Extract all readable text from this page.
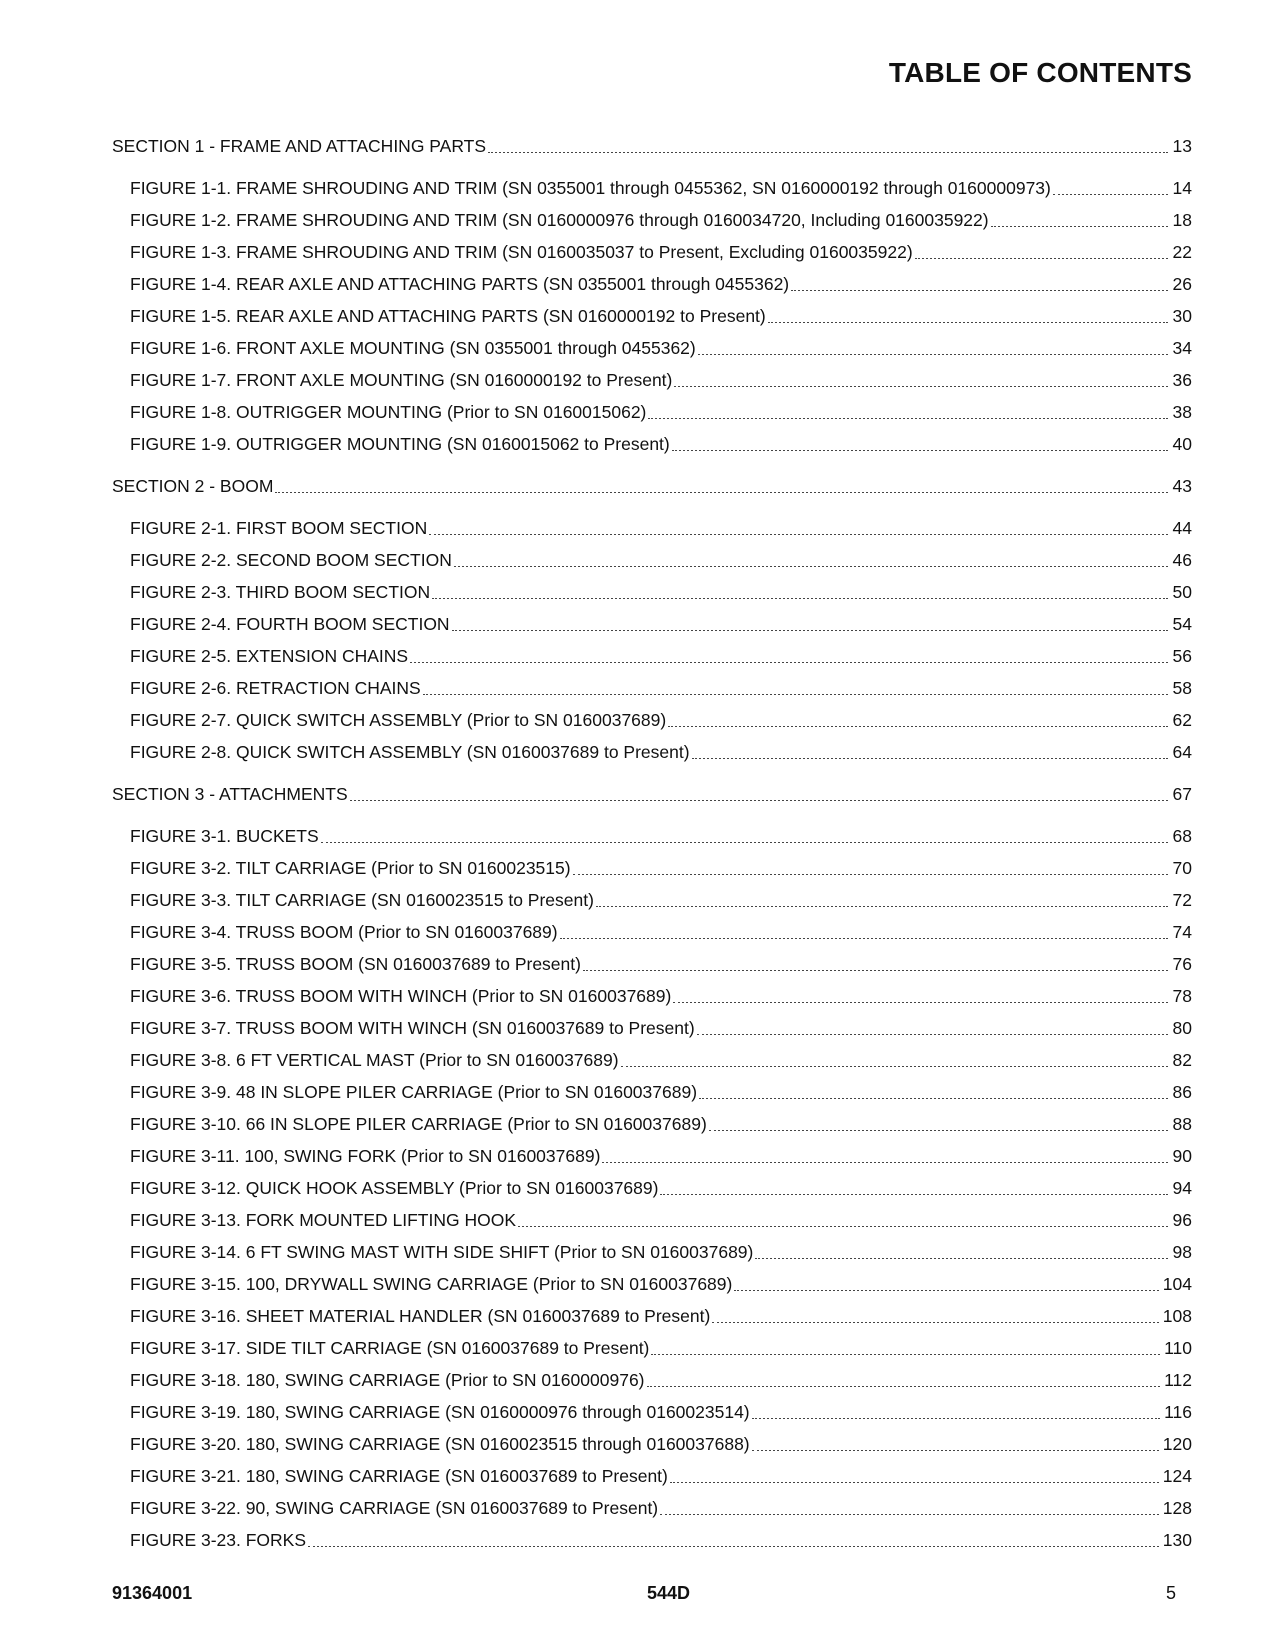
TABLE OF CONTENTS
SECTION 1 - FRAME AND ATTACHING PARTS	13
FIGURE 1-1. FRAME SHROUDING AND TRIM (SN 0355001 through 0455362, SN 0160000192 through 0160000973)	14
FIGURE 1-2. FRAME SHROUDING AND TRIM (SN 0160000976 through 0160034720, Including 0160035922)	18
FIGURE 1-3. FRAME SHROUDING AND TRIM (SN 0160035037 to Present, Excluding 0160035922)	22
FIGURE 1-4. REAR AXLE AND ATTACHING PARTS (SN 0355001 through 0455362)	26
FIGURE 1-5. REAR AXLE AND ATTACHING PARTS (SN 0160000192 to Present)	30
FIGURE 1-6. FRONT AXLE MOUNTING (SN 0355001 through 0455362)	34
FIGURE 1-7. FRONT AXLE MOUNTING (SN 0160000192 to Present)	36
FIGURE 1-8. OUTRIGGER MOUNTING (Prior to SN 0160015062)	38
FIGURE 1-9. OUTRIGGER MOUNTING (SN 0160015062 to Present)	40
SECTION 2 - BOOM	43
FIGURE 2-1. FIRST BOOM SECTION	44
FIGURE 2-2. SECOND BOOM SECTION	46
FIGURE 2-3. THIRD BOOM SECTION	50
FIGURE 2-4. FOURTH BOOM SECTION	54
FIGURE 2-5. EXTENSION CHAINS	56
FIGURE 2-6. RETRACTION CHAINS	58
FIGURE 2-7. QUICK SWITCH ASSEMBLY (Prior to SN 0160037689)	62
FIGURE 2-8. QUICK SWITCH ASSEMBLY (SN 0160037689 to Present)	64
SECTION 3 - ATTACHMENTS	67
FIGURE 3-1. BUCKETS	68
FIGURE 3-2. TILT CARRIAGE (Prior to SN 0160023515)	70
FIGURE 3-3. TILT CARRIAGE (SN 0160023515 to Present)	72
FIGURE 3-4. TRUSS BOOM (Prior to SN 0160037689)	74
FIGURE 3-5. TRUSS BOOM (SN 0160037689 to Present)	76
FIGURE 3-6. TRUSS BOOM WITH WINCH (Prior to SN 0160037689)	78
FIGURE 3-7. TRUSS BOOM WITH WINCH (SN 0160037689 to Present)	80
FIGURE 3-8. 6 FT VERTICAL MAST (Prior to SN 0160037689)	82
FIGURE 3-9. 48 IN SLOPE PILER CARRIAGE (Prior to SN 0160037689)	86
FIGURE 3-10. 66 IN SLOPE PILER CARRIAGE (Prior to SN 0160037689)	88
FIGURE 3-11. 100, SWING FORK (Prior to SN 0160037689)	90
FIGURE 3-12. QUICK HOOK ASSEMBLY (Prior to SN 0160037689)	94
FIGURE 3-13. FORK MOUNTED LIFTING HOOK	96
FIGURE 3-14. 6 FT SWING MAST WITH SIDE SHIFT (Prior to SN 0160037689)	98
FIGURE 3-15. 100, DRYWALL SWING CARRIAGE (Prior to SN 0160037689)	104
FIGURE 3-16. SHEET MATERIAL HANDLER (SN 0160037689 to Present)	108
FIGURE 3-17. SIDE TILT CARRIAGE (SN 0160037689 to Present)	110
FIGURE 3-18. 180, SWING CARRIAGE (Prior to SN 0160000976)	112
FIGURE 3-19. 180, SWING CARRIAGE (SN 0160000976 through 0160023514)	116
FIGURE 3-20. 180, SWING CARRIAGE (SN 0160023515 through 0160037688)	120
FIGURE 3-21. 180, SWING CARRIAGE (SN 0160037689 to Present)	124
FIGURE 3-22. 90, SWING CARRIAGE (SN 0160037689 to Present)	128
FIGURE 3-23. FORKS	130
91364001	544D	5
